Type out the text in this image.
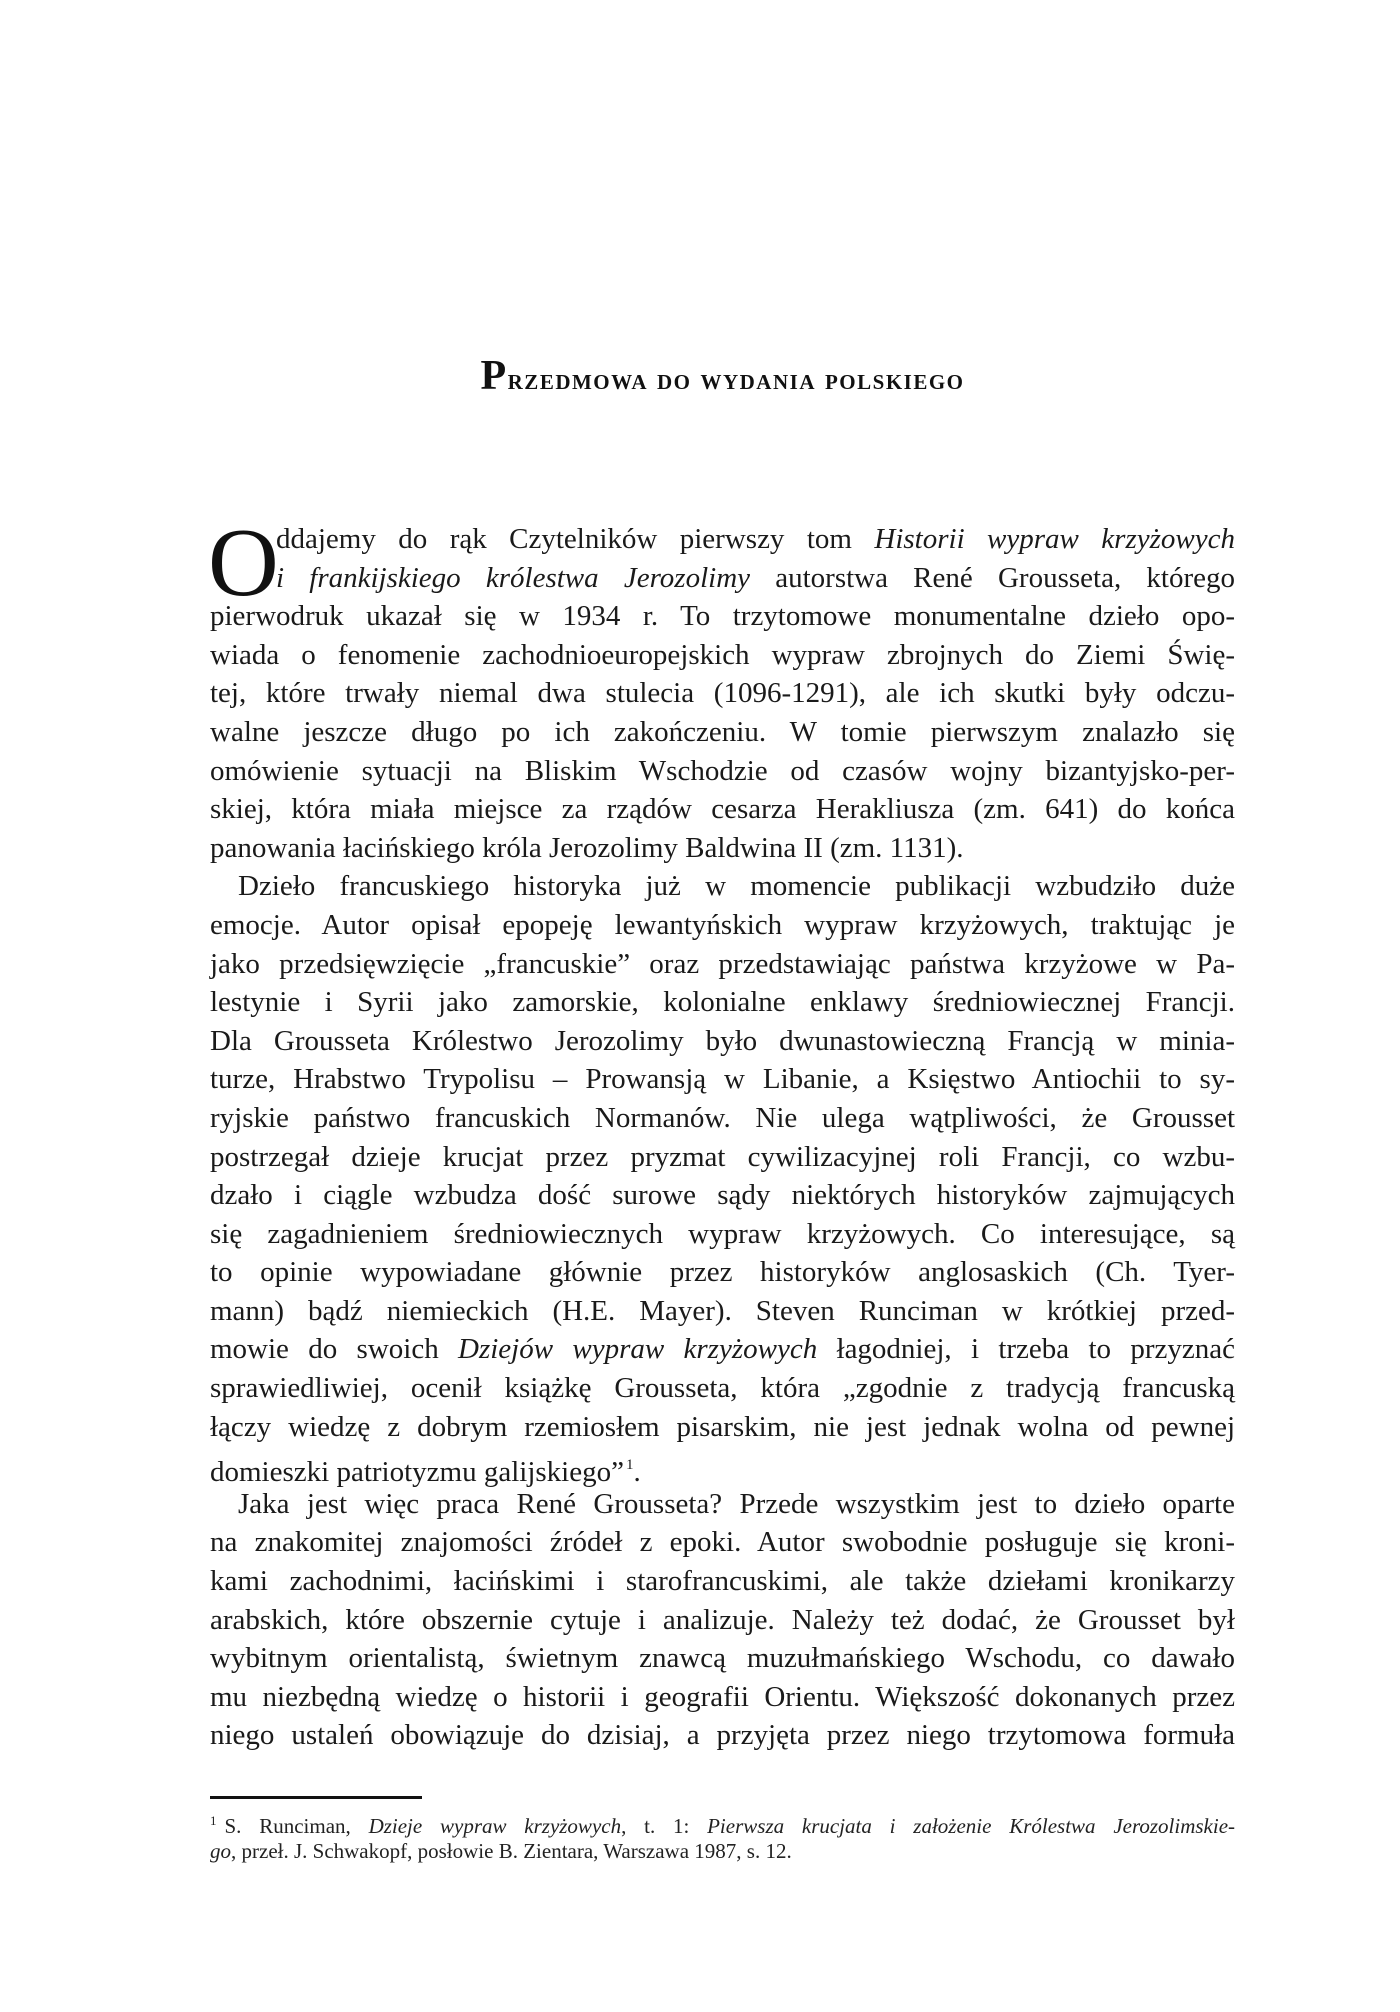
Przedmowa do wydania polskiego
O
ddajemy do rąk Czytelników pierwszy tom Historii wypraw krzyżowych
i frankijskiego królestwa Jerozolimy autorstwa René Grousseta, którego
pierwodruk ukazał się w 1934 r. To trzytomowe monumentalne dzieło opo-
wiada o fenomenie zachodnioeuropejskich wypraw zbrojnych do Ziemi Świę-
tej, które trwały niemal dwa stulecia (1096-1291), ale ich skutki były odczu-
walne jeszcze długo po ich zakończeniu. W tomie pierwszym znalazło się
omówienie sytuacji na Bliskim Wschodzie od czasów wojny bizantyjsko-per-
skiej, która miała miejsce za rządów cesarza Herakliusza (zm. 641) do końca
panowania łacińskiego króla Jerozolimy Baldwina II (zm. 1131).
Dzieło francuskiego historyka już w momencie publikacji wzbudziło duże
emocje. Autor opisał epopeję lewantyńskich wypraw krzyżowych, traktując je
jako przedsięwzięcie „francuskie” oraz przedstawiając państwa krzyżowe w Pa-
lestynie i Syrii jako zamorskie, kolonialne enklawy średniowiecznej Francji.
Dla Grousseta Królestwo Jerozolimy było dwunastowieczną Francją w minia-
turze, Hrabstwo Trypolisu – Prowansją w Libanie, a Księstwo Antiochii to sy-
ryjskie państwo francuskich Normanów. Nie ulega wątpliwości, że Grousset
postrzegał dzieje krucjat przez pryzmat cywilizacyjnej roli Francji, co wzbu-
dzało i ciągle wzbudza dość surowe sądy niektórych historyków zajmujących
się zagadnieniem średniowiecznych wypraw krzyżowych. Co interesujące, są
to opinie wypowiadane głównie przez historyków anglosaskich (Ch. Tyer-
mann) bądź niemieckich (H.E. Mayer). Steven Runciman w krótkiej przed-
mowie do swoich Dziejów wypraw krzyżowych łagodniej, i trzeba to przyznać
sprawiedliwiej, ocenił książkę Grousseta, która „zgodnie z tradycją francuską
łączy wiedzę z dobrym rzemiosłem pisarskim, nie jest jednak wolna od pewnej
domieszki patriotyzmu galijskiego” $^1$.
Jaka jest więc praca René Grousseta? Przede wszystkim jest to dzieło oparte
na znakomitej znajomości źródeł z epoki. Autor swobodnie posługuje się kroni-
kami zachodnimi, łacińskimi i starofrancuskimi, ale także dziełami kronikarzy
arabskich, które obszernie cytuje i analizuje. Należy też dodać, że Grousset był
wybitnym orientalistą, świetnym znawcą muzułmańskiego Wschodu, co dawało
mu niezbędną wiedzę o historii i geografii Orientu. Większość dokonanych przez
niego ustaleń obowiązuje do dzisiaj, a przyjęta przez niego trzytomowa formuła
$^1$ S. Runciman, Dzieje wypraw krzyżowych, t. 1: Pierwsza krucjata i założenie Królestwa Jerozolimskie-
go, przeł. J. Schwakopf, posłowie B. Zientara, Warszawa 1987, s. 12.
